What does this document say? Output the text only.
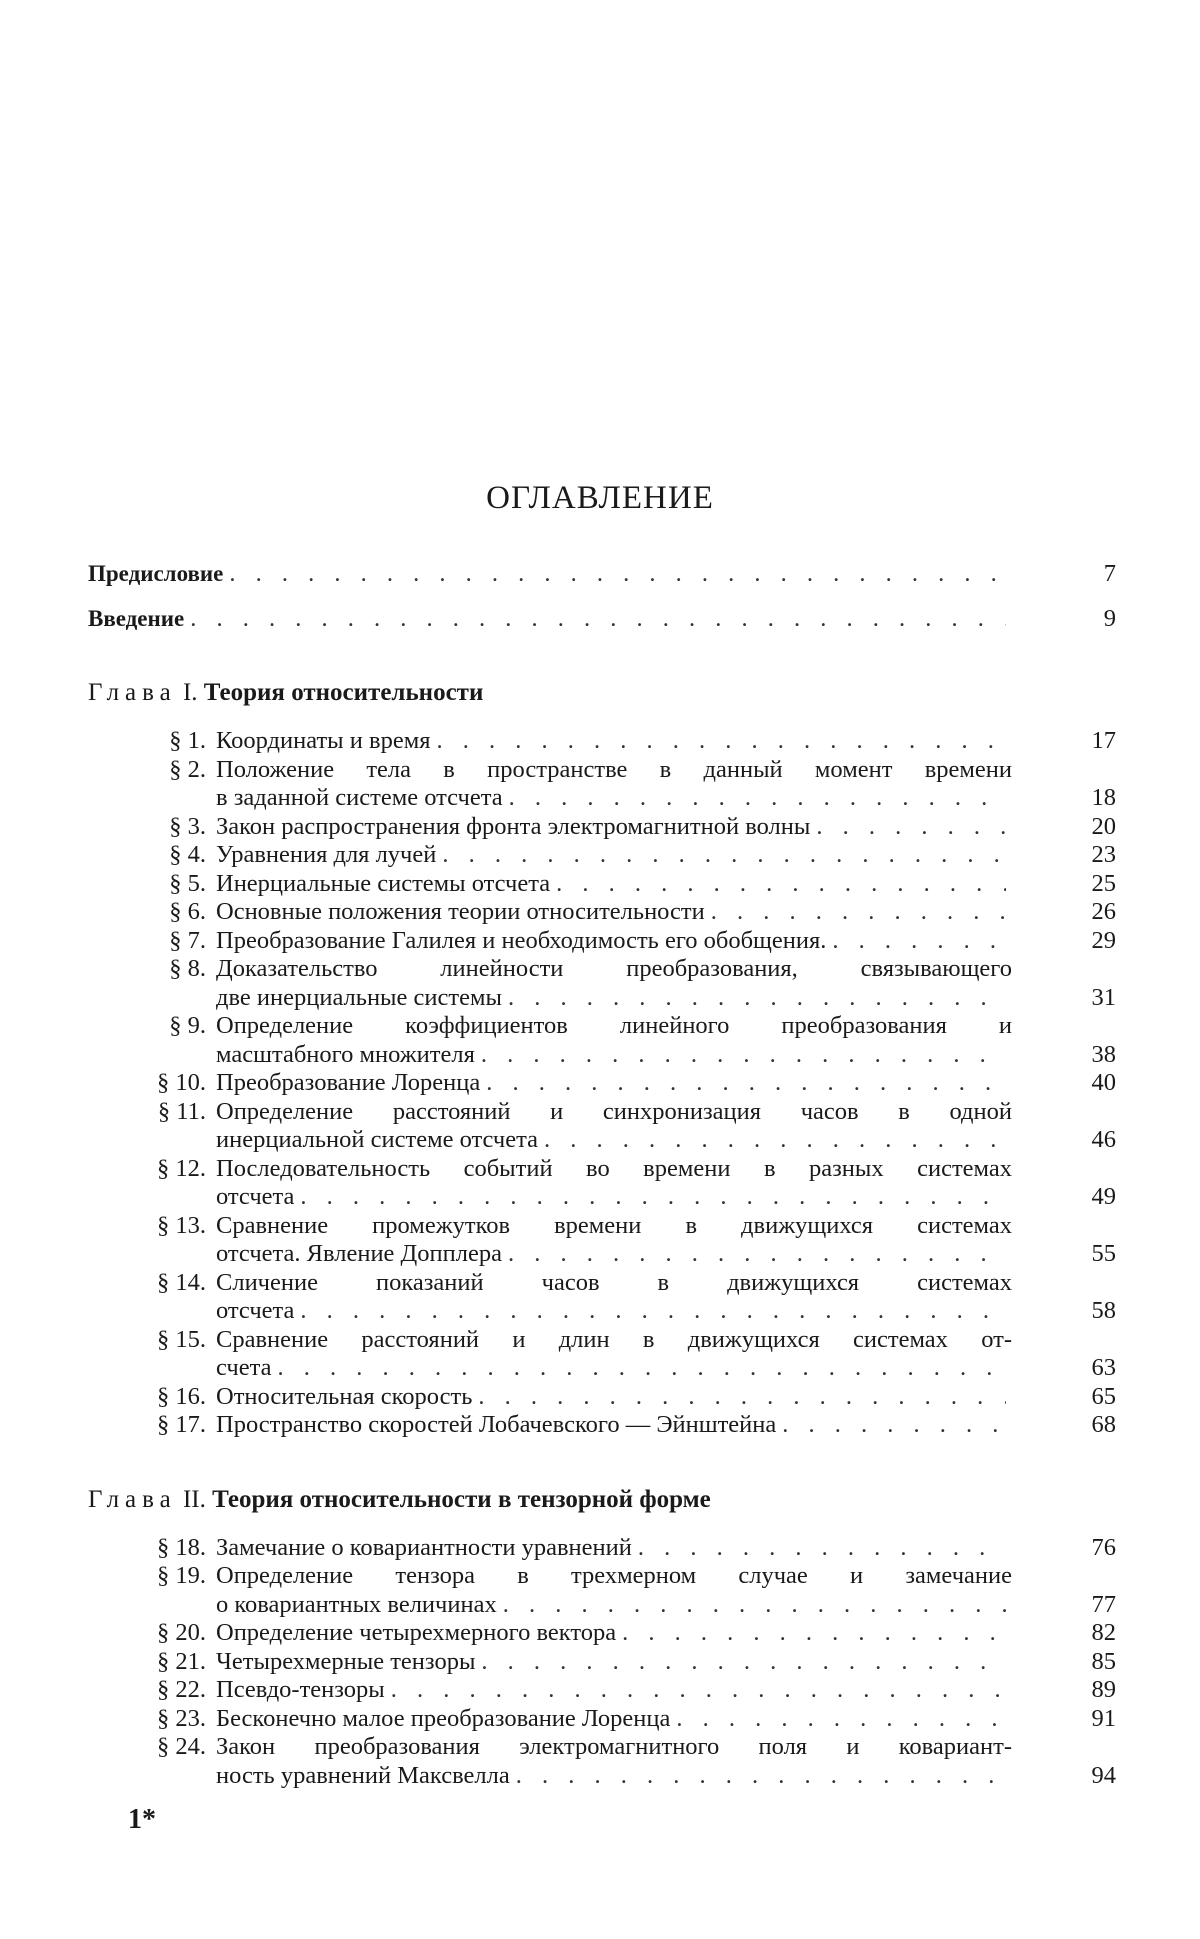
ОГЛАВЛЕНИЕ
Предисловие . . .	7
Введение . . .	9
Глава I. Теория относительности
§ 1. Координаты и время . . .	17
§ 2. Положение тела в пространстве в данный момент времени
в заданной системе отсчета . . .	18
§ 3. Закон распространения фронта электромагнитной волны . . .	20
§ 4. Уравнения для лучей . . .	23
§ 5. Инерциальные системы отсчета . . .	25
§ 6. Основные положения теории относительности . . .	26
§ 7. Преобразование Галилея и необходимость его обобщения. . . .	29
§ 8. Доказательство линейности преобразования, связывающего
две инерциальные системы . . .	31
§ 9. Определение коэффициентов линейного преобразования и
масштабного множителя . . .	38
§ 10. Преобразование Лоренца . . .	40
§ 11. Определение расстояний и синхронизация часов в одной
инерциальной системе отсчета . . .	46
§ 12. Последовательность событий во времени в разных системах
отсчета . . .	49
§ 13. Сравнение промежутков времени в движущихся системах
отсчета. Явление Допплера . . .	55
§ 14. Сличение показаний часов в движущихся системах
отсчета . . .	58
§ 15. Сравнение расстояний и длин в движущихся системах от-
счета . . .	63
§ 16. Относительная скорость . . .	65
§ 17. Пространство скоростей Лобачевского — Эйнштейна . . .	68
Глава II. Теория относительности в тензорной форме
§ 18. Замечание о ковариантности уравнений . . .	76
§ 19. Определение тензора в трехмерном случае и замечание
о ковариантных величинах . . .	77
§ 20. Определение четырехмерного вектора . . .	82
§ 21. Четырехмерные тензоры . . .	85
§ 22. Псевдо-тензоры . . .	89
§ 23. Бесконечно малое преобразование Лоренца . . .	91
§ 24. Закон преобразования электромагнитного поля и ковариант-
ность уравнений Максвелла . . .	94
1*
